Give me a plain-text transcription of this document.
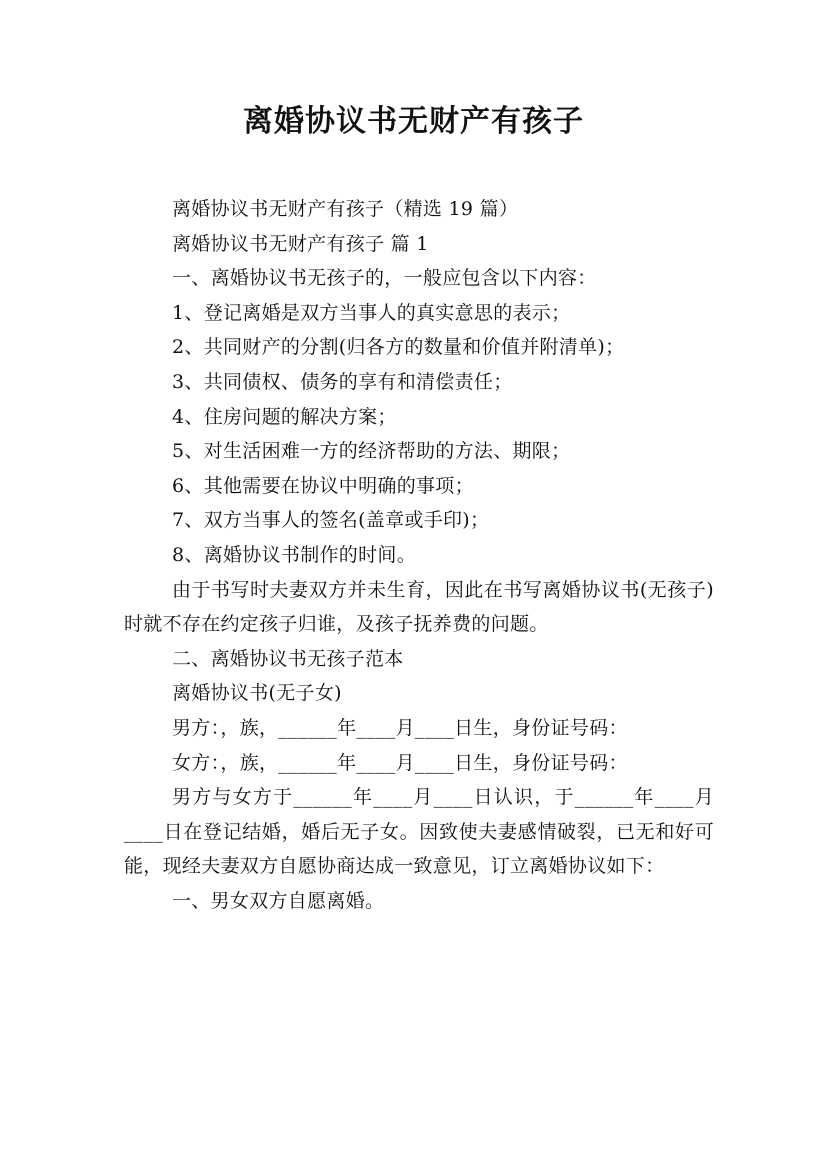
离婚协议书无财产有孩子
离婚协议书无财产有孩子（精选 19 篇）
离婚协议书无财产有孩子 篇 1
一、离婚协议书无孩子的，一般应包含以下内容：
1、登记离婚是双方当事人的真实意思的表示；
2、共同财产的分割(归各方的数量和价值并附清单)；
3、共同债权、债务的享有和清偿责任；
4、住房问题的解决方案；
5、对生活困难一方的经济帮助的方法、期限；
6、其他需要在协议中明确的事项；
7、双方当事人的签名(盖章或手印)；
8、离婚协议书制作的时间。
由于书写时夫妻双方并未生育，因此在书写离婚协议书(无孩子)时就不存在约定孩子归谁，及孩子抚养费的问题。
二、离婚协议书无孩子范本
离婚协议书(无子女)
男方：，族，______年____月____日生，身份证号码：
女方：，族，______年____月____日生，身份证号码：
男方与女方于______年____月____日认识，于______年____月____日在登记结婚，婚后无子女。因致使夫妻感情破裂，已无和好可能，现经夫妻双方自愿协商达成一致意见，订立离婚协议如下：
一、男女双方自愿离婚。
